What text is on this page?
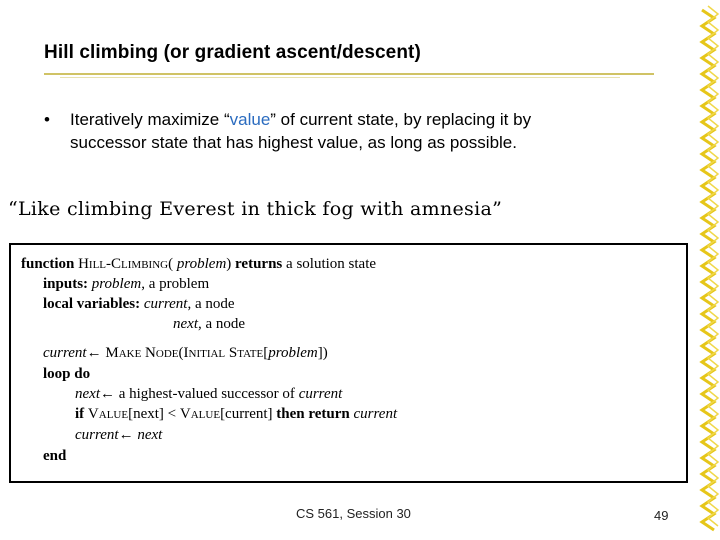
Hill climbing (or gradient ascent/descent)
• Iteratively maximize “value” of current state, by replacing it by
successor state that has highest value, as long as possible.
“Like climbing Everest in thick fog with amnesia”
function Hill-Climbing( problem) returns a solution state
inputs: problem, a problem
local variables: current, a node
next, a node
current← Make Node(Initial State[problem])
loop do
next← a highest-valued successor of current
if Value[next] < Value[current] then return current
current← next
end
CS 561, Session 30	49
